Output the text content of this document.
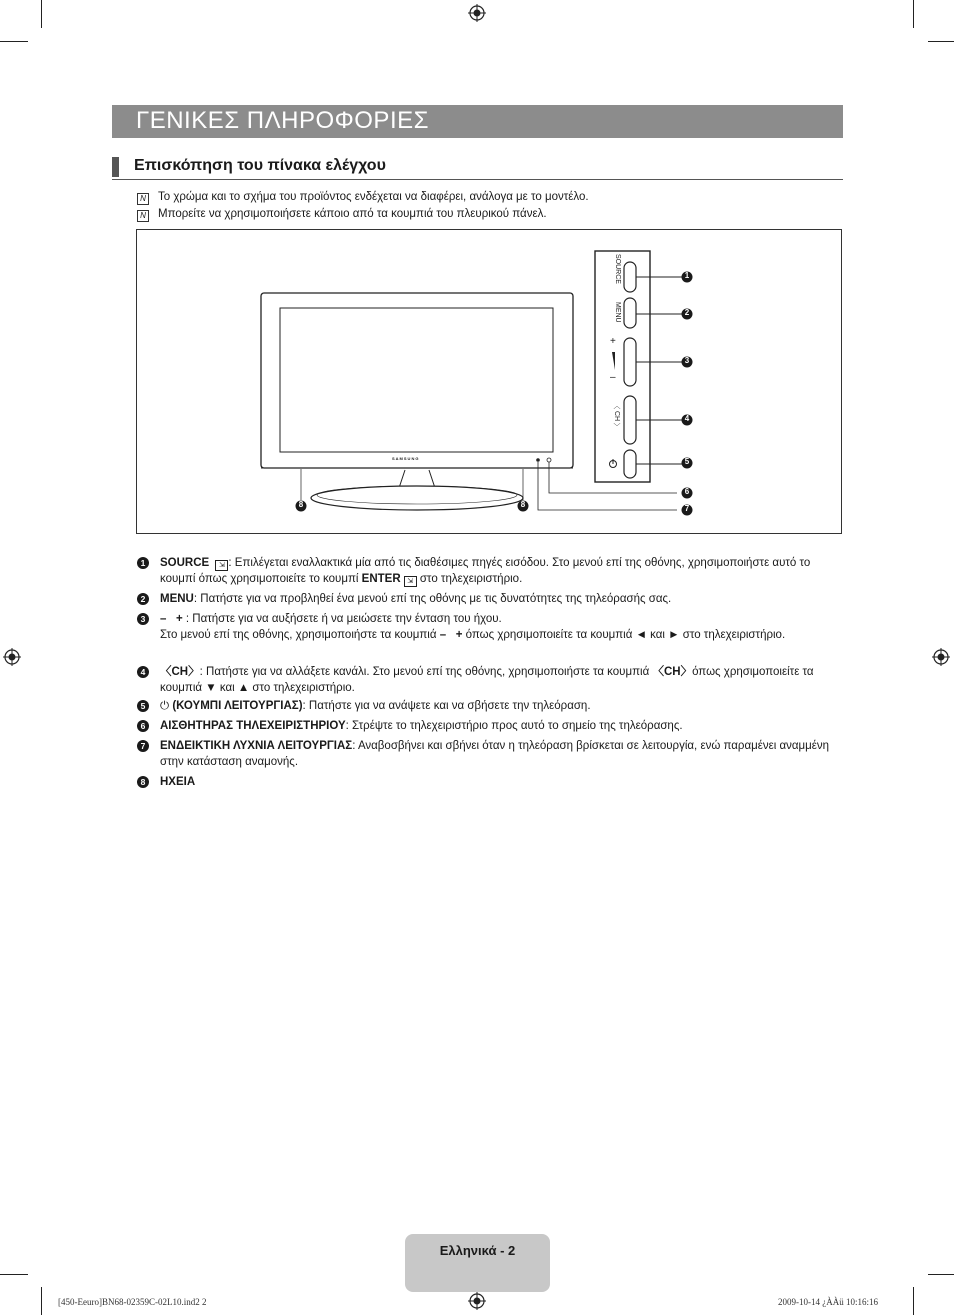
ΓΕΝΙΚΕΣ ΠΛΗΡΟΦΟΡΙΕΣ
Επισκόπηση του πίνακα ελέγχου
N Το χρώμα και το σχήμα του προϊόντος ενδέχεται να διαφέρει, ανάλογα με το μοντέλο.
N Μπορείτε να χρησιμοποιήσετε κάποιο από τα κουμπιά του πλευρικού πάνελ.
SAMSUNG
SOURCE
MENU
+
–
〈 CH 〉
1
2
3
4
5
6
7
8	8
1	SOURCE ⇲ : Επιλέγεται εναλλακτικά μία από τις διαθέσιμες πηγές εισόδου. Στο μενού επί της οθόνης, χρησιμοποιήστε αυτό το κουμπί όπως χρησιμοποιείτε το κουμπί ENTER ⇲ στο τηλεχειριστήριο.
2	MENU: Πατήστε για να προβληθεί ένα μενού επί της οθόνης με τις δυνατότητες της τηλεόρασής σας.
3	–   + : Πατήστε για να αυξήσετε ή να μειώσετε την ένταση του ήχου.
Στο μενού επί της οθόνης, χρησιμοποιήστε τα κουμπιά –   + όπως χρησιμοποιείτε τα κουμπιά ◄ και ► στο τηλεχειριστήριο.
4	〈CH〉: Πατήστε για να αλλάξετε κανάλι. Στο μενού επί της οθόνης, χρησιμοποιήστε τα κουμπιά 〈CH〉όπως χρησιμοποιείτε τα κουμπιά ▼ και ▲ στο τηλεχειριστήριο.
5	⏻ (ΚΟΥΜΠΙ ΛΕΙΤΟΥΡΓΙΑΣ): Πατήστε για να ανάψετε και να σβήσετε την τηλεόραση.
6	ΑΙΣΘΗΤΗΡΑΣ ΤΗΛΕΧΕΙΡΙΣΤΗΡΙΟΥ: Στρέψτε το τηλεχειριστήριο προς αυτό το σημείο της τηλεόρασης.
7	ΕΝΔΕΙΚΤΙΚΗ ΛΥΧΝΙΑ ΛΕΙΤΟΥΡΓΙΑΣ: Αναβοσβήνει και σβήνει όταν η τηλεόραση βρίσκεται σε λειτουργία, ενώ παραμένει αναμμένη στην κατάσταση αναμονής.
8	ΗΧΕΙΑ
Ελληνικά - 2
[450-Eeuro]BN68-02359C-02L10.ind2 2	2009-10-14 ¿ÀÀü 10:16:16
